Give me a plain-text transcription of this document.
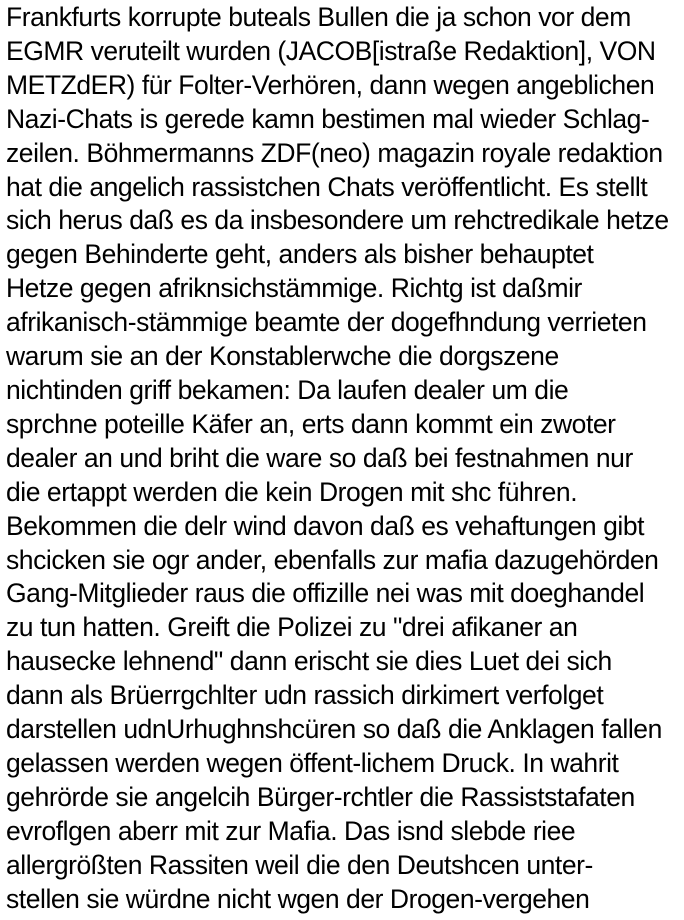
Frankfurts korrupte buteals Bullen die ja schon vor dem
EGMR veruteilt wurden (JACOB[istraße Redaktion], VON
METZdER) für Folter-Verhören, dann wegen angeblichen
Nazi-Chats is gerede kamn bestimen mal wieder Schlag-
zeilen. Böhmermanns ZDF(neo) magazin royale redaktion
hat die angelich rassistchen Chats veröffentlicht. Es stellt
sich herus daß es da insbesondere um rehctredikale hetze
gegen Behinderte geht, anders als bisher behauptet
Hetze gegen afriknsichstämmige. Richtg ist daßmir
afrikanisch-stämmige beamte der dogefhndung verrieten
warum sie an der Konstablerwche die dorgszene
nichtinden griff bekamen: Da laufen dealer um die
sprchne poteille Käfer an, erts dann kommt ein zwoter
dealer an und briht die ware so daß bei festnahmen nur
die ertappt werden die kein Drogen mit shc führen.
Bekommen die delr wind davon daß es vehaftungen gibt
shcicken sie ogr ander, ebenfalls zur mafia dazugehörden
Gang-Mitglieder raus die offizille nei was mit doeghandel
zu tun hatten. Greift die Polizei zu "drei afikaner an
hausecke lehnend" dann erischt sie dies Luet dei sich
dann als Brüerrgchlter udn rassich dirkimert verfolget
darstellen udnUrhughnshcüren so daß die Anklagen fallen
gelassen werden wegen öffent-lichem Druck. In wahrit
gehrörde sie angelcih Bürger-rchtler die Rassiststafaten
evroflgen aberr mit zur Mafia. Das isnd slebde riee
allergrößten Rassiten weil die den Deutshcen unter-
stellen sie würdne nicht wgen der Drogen-vergehen
